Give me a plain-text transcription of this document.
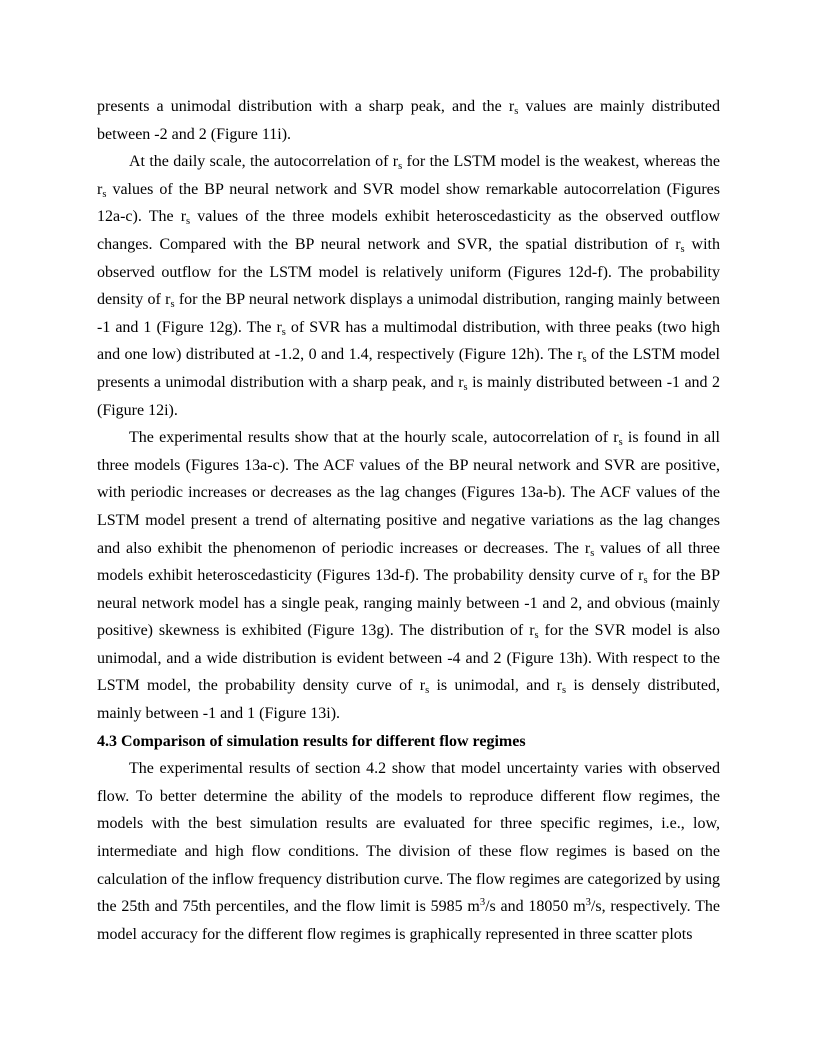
presents a unimodal distribution with a sharp peak, and the $r_s$ values are mainly distributed between -2 and 2 (Figure 11i).

At the daily scale, the autocorrelation of $r_s$ for the LSTM model is the weakest, whereas the $r_s$ values of the BP neural network and SVR model show remarkable autocorrelation (Figures 12a-c). The $r_s$ values of the three models exhibit heteroscedasticity as the observed outflow changes. Compared with the BP neural network and SVR, the spatial distribution of $r_s$ with observed outflow for the LSTM model is relatively uniform (Figures 12d-f). The probability density of $r_s$ for the BP neural network displays a unimodal distribution, ranging mainly between -1 and 1 (Figure 12g). The $r_s$ of SVR has a multimodal distribution, with three peaks (two high and one low) distributed at -1.2, 0 and 1.4, respectively (Figure 12h). The $r_s$ of the LSTM model presents a unimodal distribution with a sharp peak, and $r_s$ is mainly distributed between -1 and 2 (Figure 12i).

The experimental results show that at the hourly scale, autocorrelation of $r_s$ is found in all three models (Figures 13a-c). The ACF values of the BP neural network and SVR are positive, with periodic increases or decreases as the lag changes (Figures 13a-b). The ACF values of the LSTM model present a trend of alternating positive and negative variations as the lag changes and also exhibit the phenomenon of periodic increases or decreases. The $r_s$ values of all three models exhibit heteroscedasticity (Figures 13d-f). The probability density curve of $r_s$ for the BP neural network model has a single peak, ranging mainly between -1 and 2, and obvious (mainly positive) skewness is exhibited (Figure 13g). The distribution of $r_s$ for the SVR model is also unimodal, and a wide distribution is evident between -4 and 2 (Figure 13h). With respect to the LSTM model, the probability density curve of $r_s$ is unimodal, and $r_s$ is densely distributed, mainly between -1 and 1 (Figure 13i).

4.3 Comparison of simulation results for different flow regimes

The experimental results of section 4.2 show that model uncertainty varies with observed flow. To better determine the ability of the models to reproduce different flow regimes, the models with the best simulation results are evaluated for three specific regimes, i.e., low, intermediate and high flow conditions. The division of these flow regimes is based on the calculation of the inflow frequency distribution curve. The flow regimes are categorized by using the 25th and 75th percentiles, and the flow limit is 5985 $m^3/s$ and 18050 $m^3/s$, respectively. The model accuracy for the different flow regimes is graphically represented in three scatter plots
